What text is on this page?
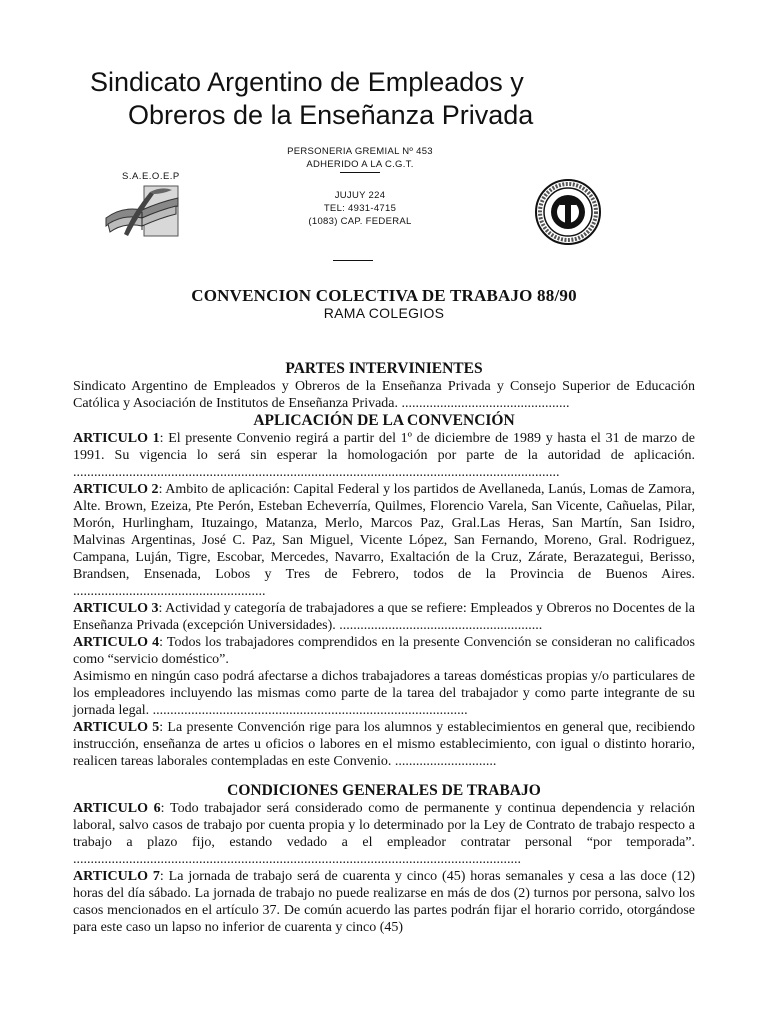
Sindicato Argentino de Empleados y
Obreros de la Enseñanza Privada
PERSONERIA GREMIAL Nº 453
ADHERIDO A LA C.G.T.
JUJUY 224
TEL: 4931-4715
(1083) CAP. FEDERAL
S.A.E.O.E.P
CONVENCION COLECTIVA DE TRABAJO 88/90
RAMA COLEGIOS

PARTES INTERVINIENTES

Sindicato Argentino de Empleados y Obreros de la Enseñanza Privada y Consejo Superior de Educación Católica y Asociación de Institutos de Enseñanza Privada. ................................................

APLICACIÓN DE LA CONVENCIÓN

ARTICULO 1: El presente Convenio regirá a partir del 1º de diciembre de 1989 y hasta el 31 de marzo de 1991. Su vigencia lo será sin esperar la homologación por parte de la autoridad de aplicación. ...........................................................................................................................................

ARTICULO 2: Ambito de aplicación: Capital Federal y los partidos de Avellaneda, Lanús, Lomas de Zamora, Alte. Brown, Ezeiza, Pte Perón, Esteban Echeverría, Quilmes, Florencio Varela, San Vicente, Cañuelas, Pilar, Morón, Hurlingham, Ituzaingo, Matanza, Merlo, Marcos Paz, Gral.Las Heras, San Martín, San Isidro, Malvinas Argentinas, José C. Paz, San Miguel, Vicente López, San Fernando, Moreno, Gral. Rodriguez, Campana, Luján, Tigre, Escobar, Mercedes, Navarro, Exaltación de la Cruz, Zárate, Berazategui, Berisso, Brandsen, Ensenada, Lobos y Tres de Febrero, todos de la Provincia de Buenos Aires. .......................................................

ARTICULO 3: Actividad y categoría de trabajadores a que se refiere: Empleados y Obreros no Docentes de la Enseñanza Privada (excepción Universidades). ..........................................................

ARTICULO 4: Todos los trabajadores comprendidos en la presente Convención se consideran no calificados como “servicio doméstico”.

Asimismo en ningún caso podrá afectarse a dichos trabajadores a tareas domésticas propias y/o particulares de los empleadores incluyendo las mismas como parte de la tarea del trabajador y como parte integrante de su jornada legal. ..........................................................................................

ARTICULO 5: La presente Convención rige para los alumnos y establecimientos en general que, recibiendo instrucción, enseñanza de artes u oficios o labores en el mismo establecimiento, con igual o distinto horario, realicen tareas laborales contempladas en este Convenio. .............................

CONDICIONES GENERALES DE TRABAJO

ARTICULO 6: Todo trabajador será considerado como de permanente y continua dependencia y relación laboral, salvo casos de trabajo por cuenta propia y lo determinado por la Ley de Contrato de trabajo respecto a trabajo a plazo fijo, estando vedado a el empleador contratar personal “por temporada”. ................................................................................................................................

ARTICULO 7: La jornada de trabajo será de cuarenta y cinco (45) horas semanales y cesa a las doce (12) horas del día sábado. La jornada de trabajo no puede realizarse en más de dos (2) turnos por persona, salvo los casos mencionados en el artículo 37. De común acuerdo las partes podrán fijar el horario corrido, otorgándose para este caso un lapso no inferior de cuarenta y cinco (45)
